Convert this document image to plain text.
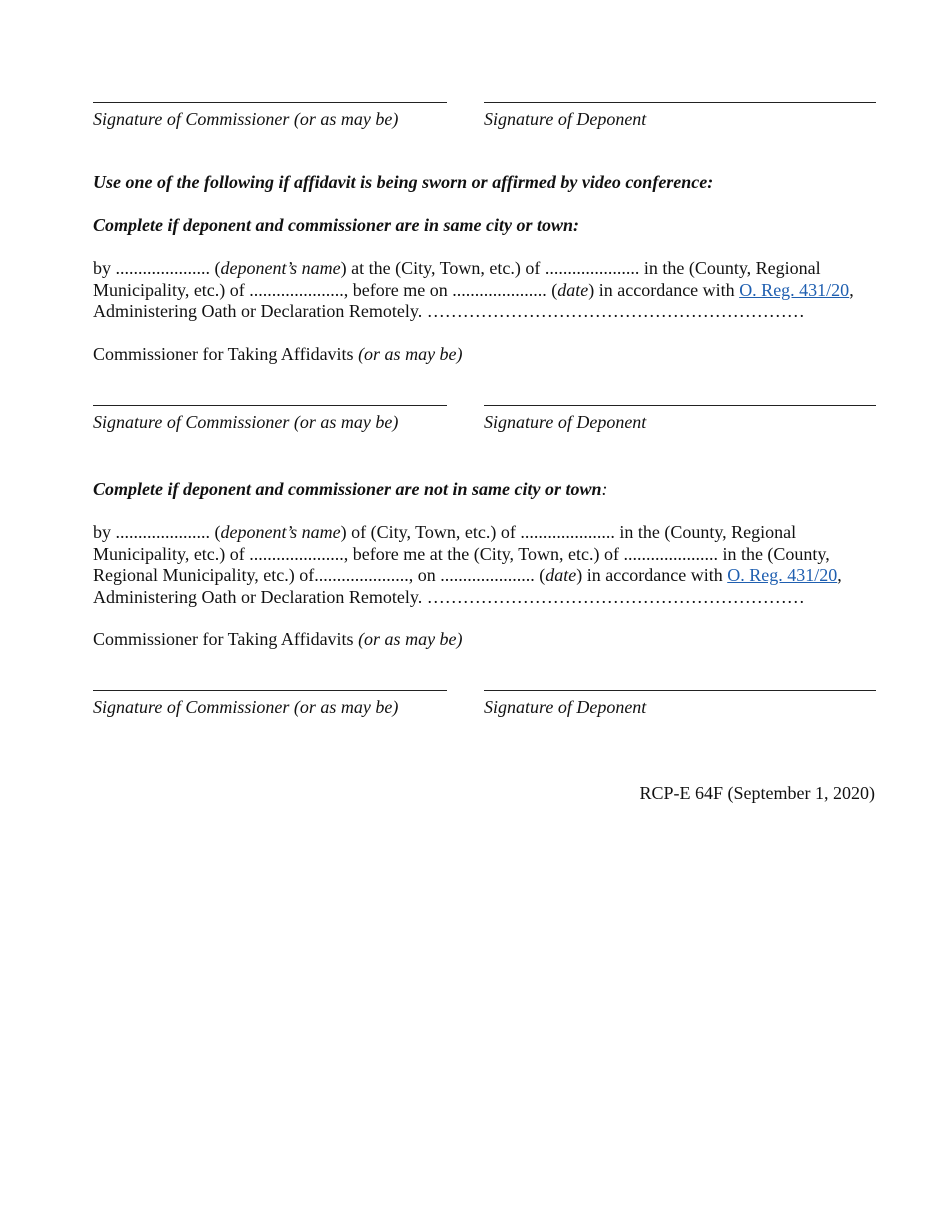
Signature of Commissioner (or as may be)	Signature of Deponent
Use one of the following if affidavit is being sworn or affirmed by video conference:
Complete if deponent and commissioner are in same city or town:
by ..................... (deponent’s name) at the (City, Town, etc.) of ..................... in the (County, Regional
Municipality, etc.) of ....................., before me on ..................... (date) in accordance with O. Reg. 431/20,
Administering Oath or Declaration Remotely. ………………………………………………………
Commissioner for Taking Affidavits (or as may be)
Signature of Commissioner (or as may be)	Signature of Deponent
Complete if deponent and commissioner are not in same city or town:
by ..................... (deponent’s name) of (City, Town, etc.) of ..................... in the (County, Regional
Municipality, etc.) of ....................., before me at the (City, Town, etc.) of ..................... in the (County,
Regional Municipality, etc.) of....................., on ..................... (date) in accordance with O. Reg. 431/20,
Administering Oath or Declaration Remotely. ………………………………………………………
Commissioner for Taking Affidavits (or as may be)
Signature of Commissioner (or as may be)	Signature of Deponent
RCP-E 64F (September 1, 2020)
